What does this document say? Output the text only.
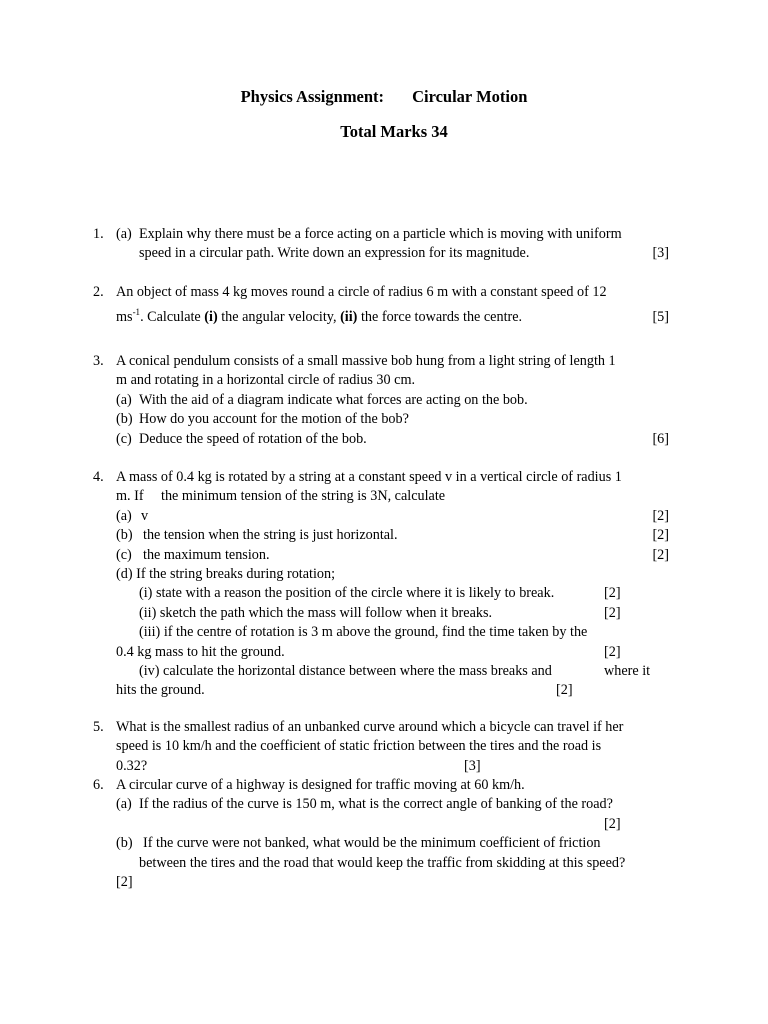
Physics Assignment: Circular Motion
Total Marks 34
1. (a) Explain why there must be a force acting on a particle which is moving with uniform
speed in a circular path. Write down an expression for its magnitude.	[3]
2. An object of mass 4 kg moves round a circle of radius 6 m with a constant speed of 12
$ms^{-1}$. Calculate (i) the angular velocity, (ii) the force towards the centre.	[5]
3. A conical pendulum consists of a small massive bob hung from a light string of length 1
m and rotating in a horizontal circle of radius 30 cm.
(a) With the aid of a diagram indicate what forces are acting on the bob.
(b) How do you account for the motion of the bob?
(c) Deduce the speed of rotation of the bob.	[6]
4. A mass of 0.4 kg is rotated by a string at a constant speed v in a vertical circle of radius 1
m. If the minimum tension of the string is 3N, calculate
(a) v	[2]
(b) the tension when the string is just horizontal.	[2]
(c) the maximum tension.	[2]
(d) If the string breaks during rotation;
(i) state with a reason the position of the circle where it is likely to break.	[2]
(ii) sketch the path which the mass will follow when it breaks.	[2]
(iii) if the centre of rotation is 3 m above the ground, find the time taken by the
0.4 kg mass to hit the ground.	[2]
(iv) calculate the horizontal distance between where the mass breaks and	where it
hits the ground.	[2]
5. What is the smallest radius of an unbanked curve around which a bicycle can travel if her
speed is 10 km/h and the coefficient of static friction between the tires and the road is
0.32?	[3]
6. A circular curve of a highway is designed for traffic moving at 60 km/h.
(a) If the radius of the curve is 150 m, what is the correct angle of banking of the road?
[2]
(b) If the curve were not banked, what would be the minimum coefficient of friction
between the tires and the road that would keep the traffic from skidding at this speed?
[2]
